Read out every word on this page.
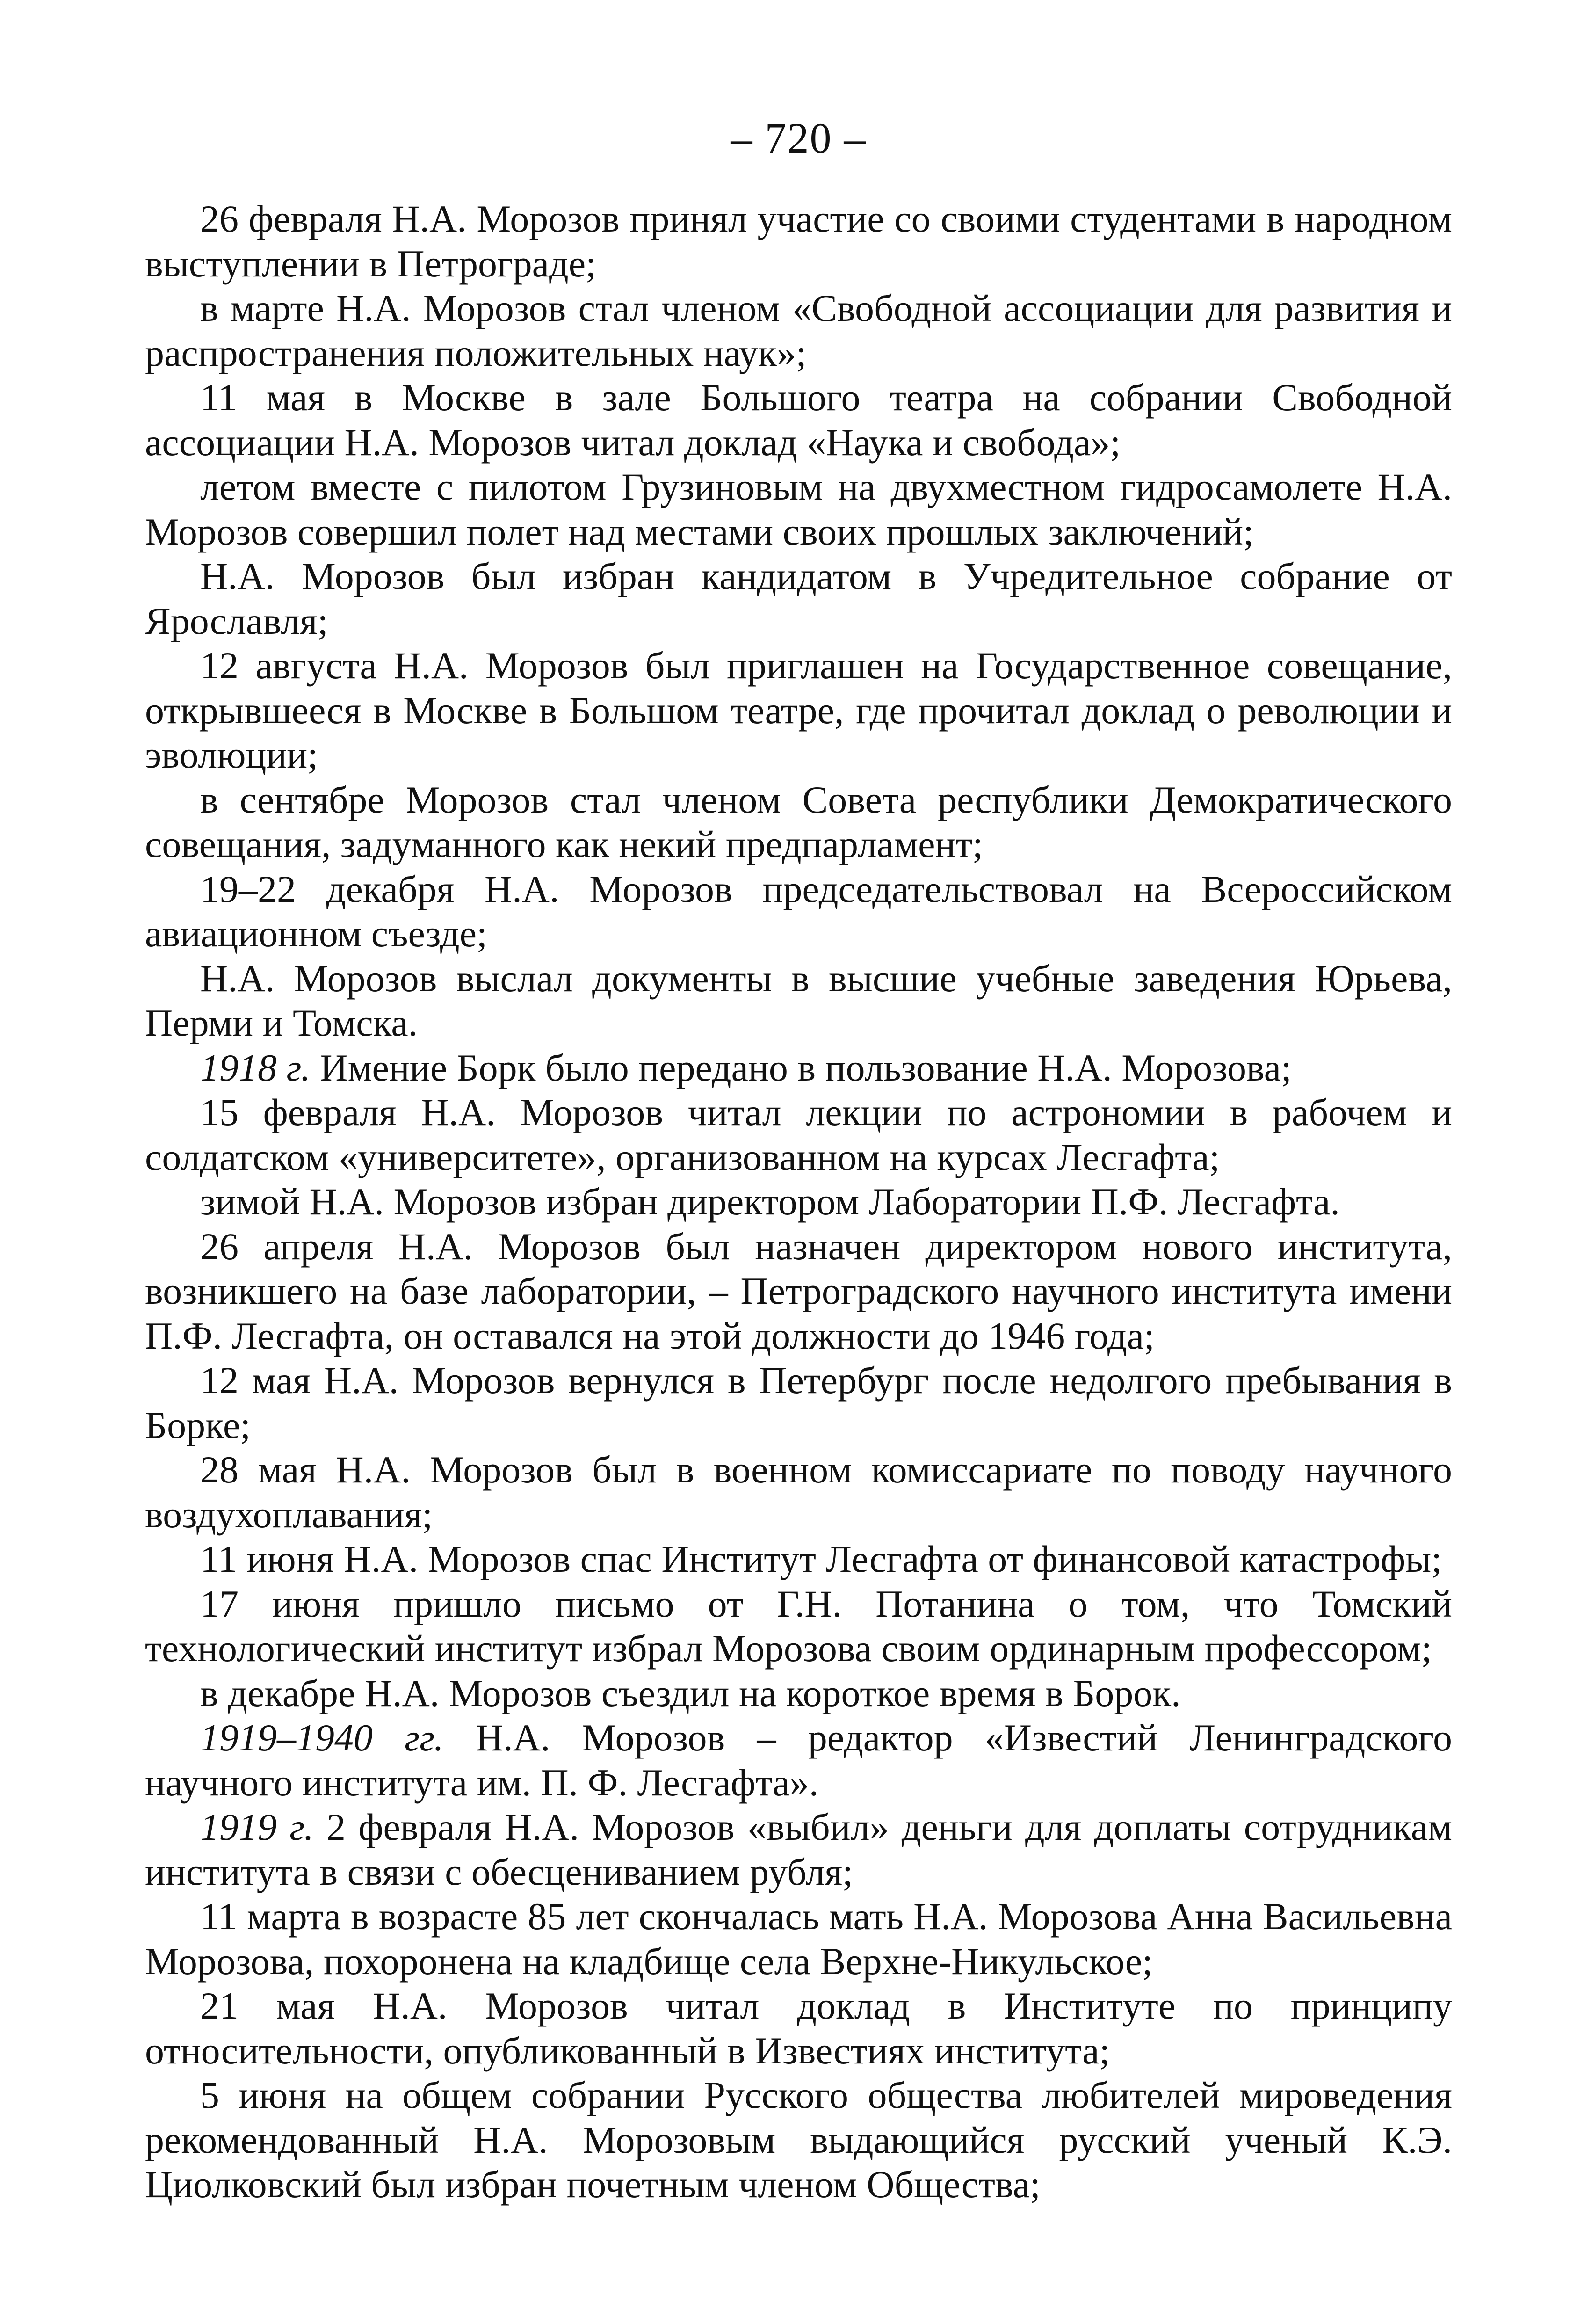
– 720 –

26 февраля Н.А. Морозов принял участие со своими студентами в народном выступлении в Петрограде;

в марте Н.А. Морозов стал членом «Свободной ассоциации для развития и распространения положительных наук»;

11 мая в Москве в зале Большого театра на собрании Свободной ассоциации Н.А. Морозов читал доклад «Наука и свобода»;

летом вместе с пилотом Грузиновым на двухместном гидросамолете Н.А. Морозов совершил полет над местами своих прошлых заключений;

Н.А. Морозов был избран кандидатом в Учредительное собрание от Ярославля;

12 августа Н.А. Морозов был приглашен на Государственное совещание, открывшееся в Москве в Большом театре, где прочитал доклад о революции и эволюции;

в сентябре Морозов стал членом Совета республики Демократического совещания, задуманного как некий предпарламент;

19–22 декабря Н.А. Морозов председательствовал на Всероссийском авиационном съезде;

Н.А. Морозов выслал документы в высшие учебные заведения Юрьева, Перми и Томска.

1918 г. Имение Борк было передано в пользование Н.А. Морозова;

15 февраля Н.А. Морозов читал лекции по астрономии в рабочем и солдатском «университете», организованном на курсах Лесгафта;

зимой Н.А. Морозов избран директором Лаборатории П.Ф. Лесгафта.

26 апреля Н.А. Морозов был назначен директором нового института, возникшего на базе лаборатории, – Петроградского научного института имени П.Ф. Лесгафта, он оставался на этой должности до 1946 года;

12 мая Н.А. Морозов вернулся в Петербург после недолгого пребывания в Борке;

28 мая Н.А. Морозов был в военном комиссариате по поводу научного воздухоплавания;

11 июня Н.А. Морозов спас Институт Лесгафта от финансовой катастрофы;

17 июня пришло письмо от Г.Н. Потанина о том, что Томский технологический институт избрал Морозова своим ординарным профессором;

в декабре Н.А. Морозов съездил на короткое время в Борок.

1919–1940 гг. Н.А. Морозов – редактор «Известий Ленинградского научного института им. П. Ф. Лесгафта».

1919 г. 2 февраля Н.А. Морозов «выбил» деньги для доплаты сотрудникам института в связи с обесцениванием рубля;

11 марта в возрасте 85 лет скончалась мать Н.А. Морозова Анна Васильевна Морозова, похоронена на кладбище села Верхне-Никульское;

21 мая Н.А. Морозов читал доклад в Институте по принципу относительности, опубликованный в Известиях института;

5 июня на общем собрании Русского общества любителей мироведения рекомендованный Н.А. Морозовым выдающийся русский ученый К.Э. Циолковский был избран почетным членом Общества;
